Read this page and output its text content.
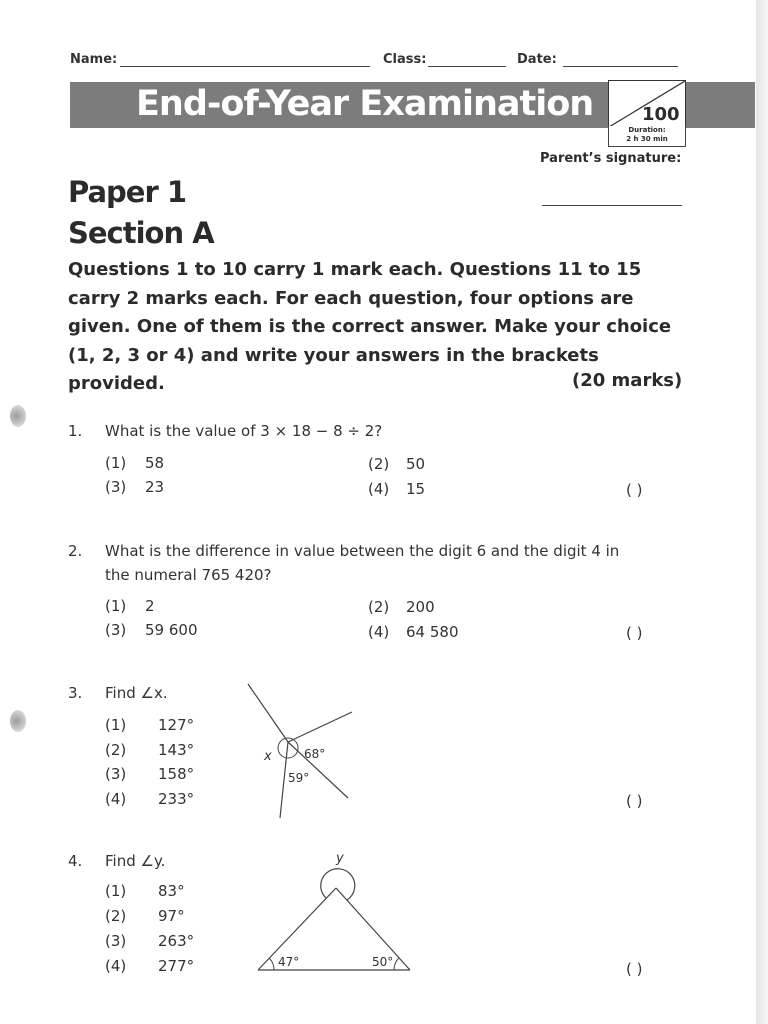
Name:	Class:	Date:
End-of-Year Examination	100
Duration:
2 h 30 min
Parent’s signature:
Paper 1
Section A
Questions 1 to 10 carry 1 mark each. Questions 11 to 15 carry 2 marks each. For each question, four options are given. One of them is the correct answer. Make your choice (1, 2, 3 or 4) and write your answers in the brackets provided.	(20 marks)
1. What is the value of 3 × 18 − 8 ÷ 2?
(1) 58	(2) 50
(3) 23	(4) 15	( )
2. What is the difference in value between the digit 6 and the digit 4 in
the numeral 765 420?
(1) 2	(2) 200
(3) 59 600	(4) 64 580	( )
3. Find ∠x.
(1) 127°
(2) 143°
(3) 158°
(4) 233°	( )
x	68°
59°
4. Find ∠y.
(1) 83°
(2) 97°
(3) 263°
(4) 277°	( )
y
47°	50°
